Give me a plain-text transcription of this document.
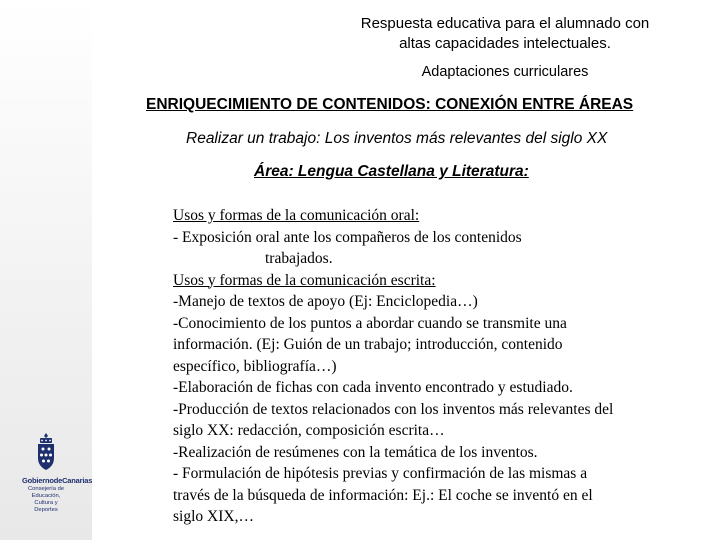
GobiernodeCanarias
Consejería de Educación,
Cultura y Deportes
Respuesta educativa para el alumnado con
altas capacidades intelectuales.
Adaptaciones curriculares
ENRIQUECIMIENTO DE CONTENIDOS: CONEXIÓN ENTRE ÁREAS
Realizar un trabajo: Los inventos más relevantes del siglo XX
Área: Lengua Castellana y Literatura:
Usos y formas de la comunicación oral:
- Exposición oral ante los compañeros de los contenidos
trabajados.
Usos y formas de la comunicación escrita:
-Manejo de textos de apoyo (Ej: Enciclopedia…)
-Conocimiento de los puntos a abordar cuando se transmite una
información. (Ej: Guión de un trabajo; introducción, contenido
específico, bibliografía…)
-Elaboración de fichas con cada invento encontrado y estudiado.
-Producción de textos relacionados con los inventos más relevantes del
siglo XX: redacción, composición escrita…
-Realización de resúmenes con la temática de los inventos.
- Formulación de hipótesis previas y confirmación de las mismas a
través de la búsqueda de información: Ej.: El coche se inventó en el
siglo XIX,…
